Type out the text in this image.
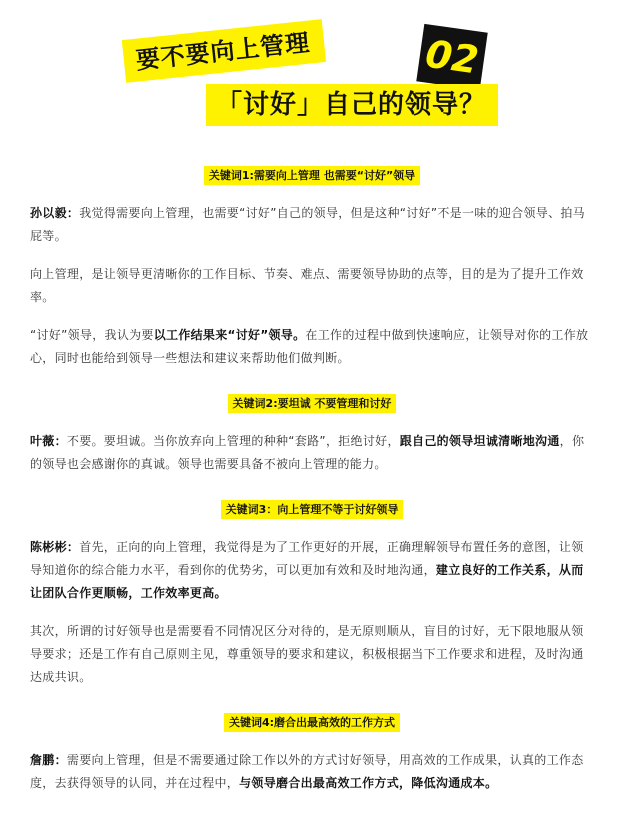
要不要向上管理	02
「讨好」自己的领导？
关键词1:需要向上管理 也需要“讨好”领导

孙以毅：我觉得需要向上管理，也需要“讨好”自己的领导，但是这种“讨好”不是一味的迎合领导、拍马屁等。

向上管理，是让领导更清晰你的工作目标、节奏、难点、需要领导协助的点等，目的是为了提升工作效率。

“讨好”领导，我认为要以工作结果来“讨好”领导。在工作的过程中做到快速响应，让领导对你的工作放心，同时也能给到领导一些想法和建议来帮助他们做判断。

关键词2:要坦诚 不要管理和讨好

叶薇：不要。要坦诚。当你放弃向上管理的种种“套路”，拒绝讨好，跟自己的领导坦诚清晰地沟通，你的领导也会感谢你的真诚。领导也需要具备不被向上管理的能力。

关键词3：向上管理不等于讨好领导

陈彬彬：首先，正向的向上管理，我觉得是为了工作更好的开展，正确理解领导布置任务的意图，让领导知道你的综合能力水平，看到你的优势劣，可以更加有效和及时地沟通，建立良好的工作关系，从而让团队合作更顺畅，工作效率更高。

其次，所谓的讨好领导也是需要看不同情况区分对待的，是无原则顺从，盲目的讨好，无下限地服从领导要求；还是工作有自己原则主见，尊重领导的要求和建议，积极根据当下工作要求和进程，及时沟通达成共识。

关键词4:磨合出最高效的工作方式

詹鹏：需要向上管理，但是不需要通过除工作以外的方式讨好领导，用高效的工作成果，认真的工作态度，去获得领导的认同，并在过程中，与领导磨合出最高效工作方式，降低沟通成本。
